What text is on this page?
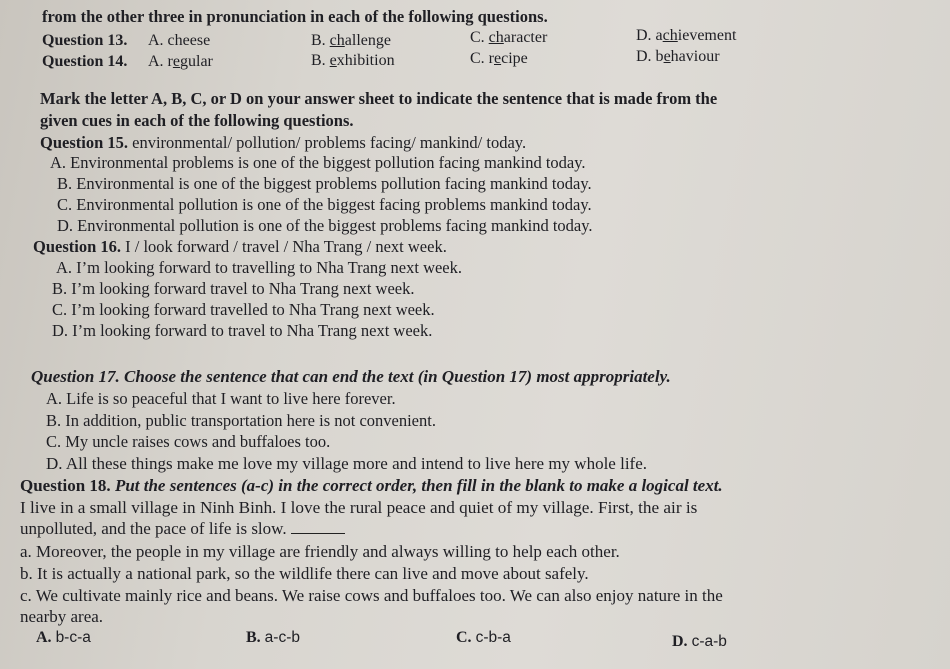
from the other three in pronunciation in each of the following questions.
Question 13. A. cheese	B. challenge	C. character	D. achievement
Question 14. A. regular	B. exhibition	C. recipe	D. behaviour
Mark the letter A, B, C, or D on your answer sheet to indicate the sentence that is made from the
given cues in each of the following questions.
Question 15. environmental/ pollution/ problems facing/ mankind/ today.
A. Environmental problems is one of the biggest pollution facing mankind today.
B. Environmental is one of the biggest problems pollution facing mankind today.
C. Environmental pollution is one of the biggest facing problems mankind today.
D. Environmental pollution is one of the biggest problems facing mankind today.
Question 16. I / look forward / travel / Nha Trang / next week.
A. I’m looking forward to travelling to Nha Trang next week.
B. I’m looking forward travel to Nha Trang next week.
C. I’m looking forward travelled to Nha Trang next week.
D. I’m looking forward to travel to Nha Trang next week.
Question 17. Choose the sentence that can end the text (in Question 17) most appropriately.
A. Life is so peaceful that I want to live here forever.
B. In addition, public transportation here is not convenient.
C. My uncle raises cows and buffaloes too.
D. All these things make me love my village more and intend to live here my whole life.
Question 18. Put the sentences (a-c) in the correct order, then fill in the blank to make a logical text.
I live in a small village in Ninh Binh. I love the rural peace and quiet of my village. First, the air is
unpolluted, and the pace of life is slow.
a. Moreover, the people in my village are friendly and always willing to help each other.
b. It is actually a national park, so the wildlife there can live and move about safely.
c. We cultivate mainly rice and beans. We raise cows and buffaloes too. We can also enjoy nature in the
nearby area.
A. b-c-a	B. a-c-b	C. c-b-a	D. c-a-b
